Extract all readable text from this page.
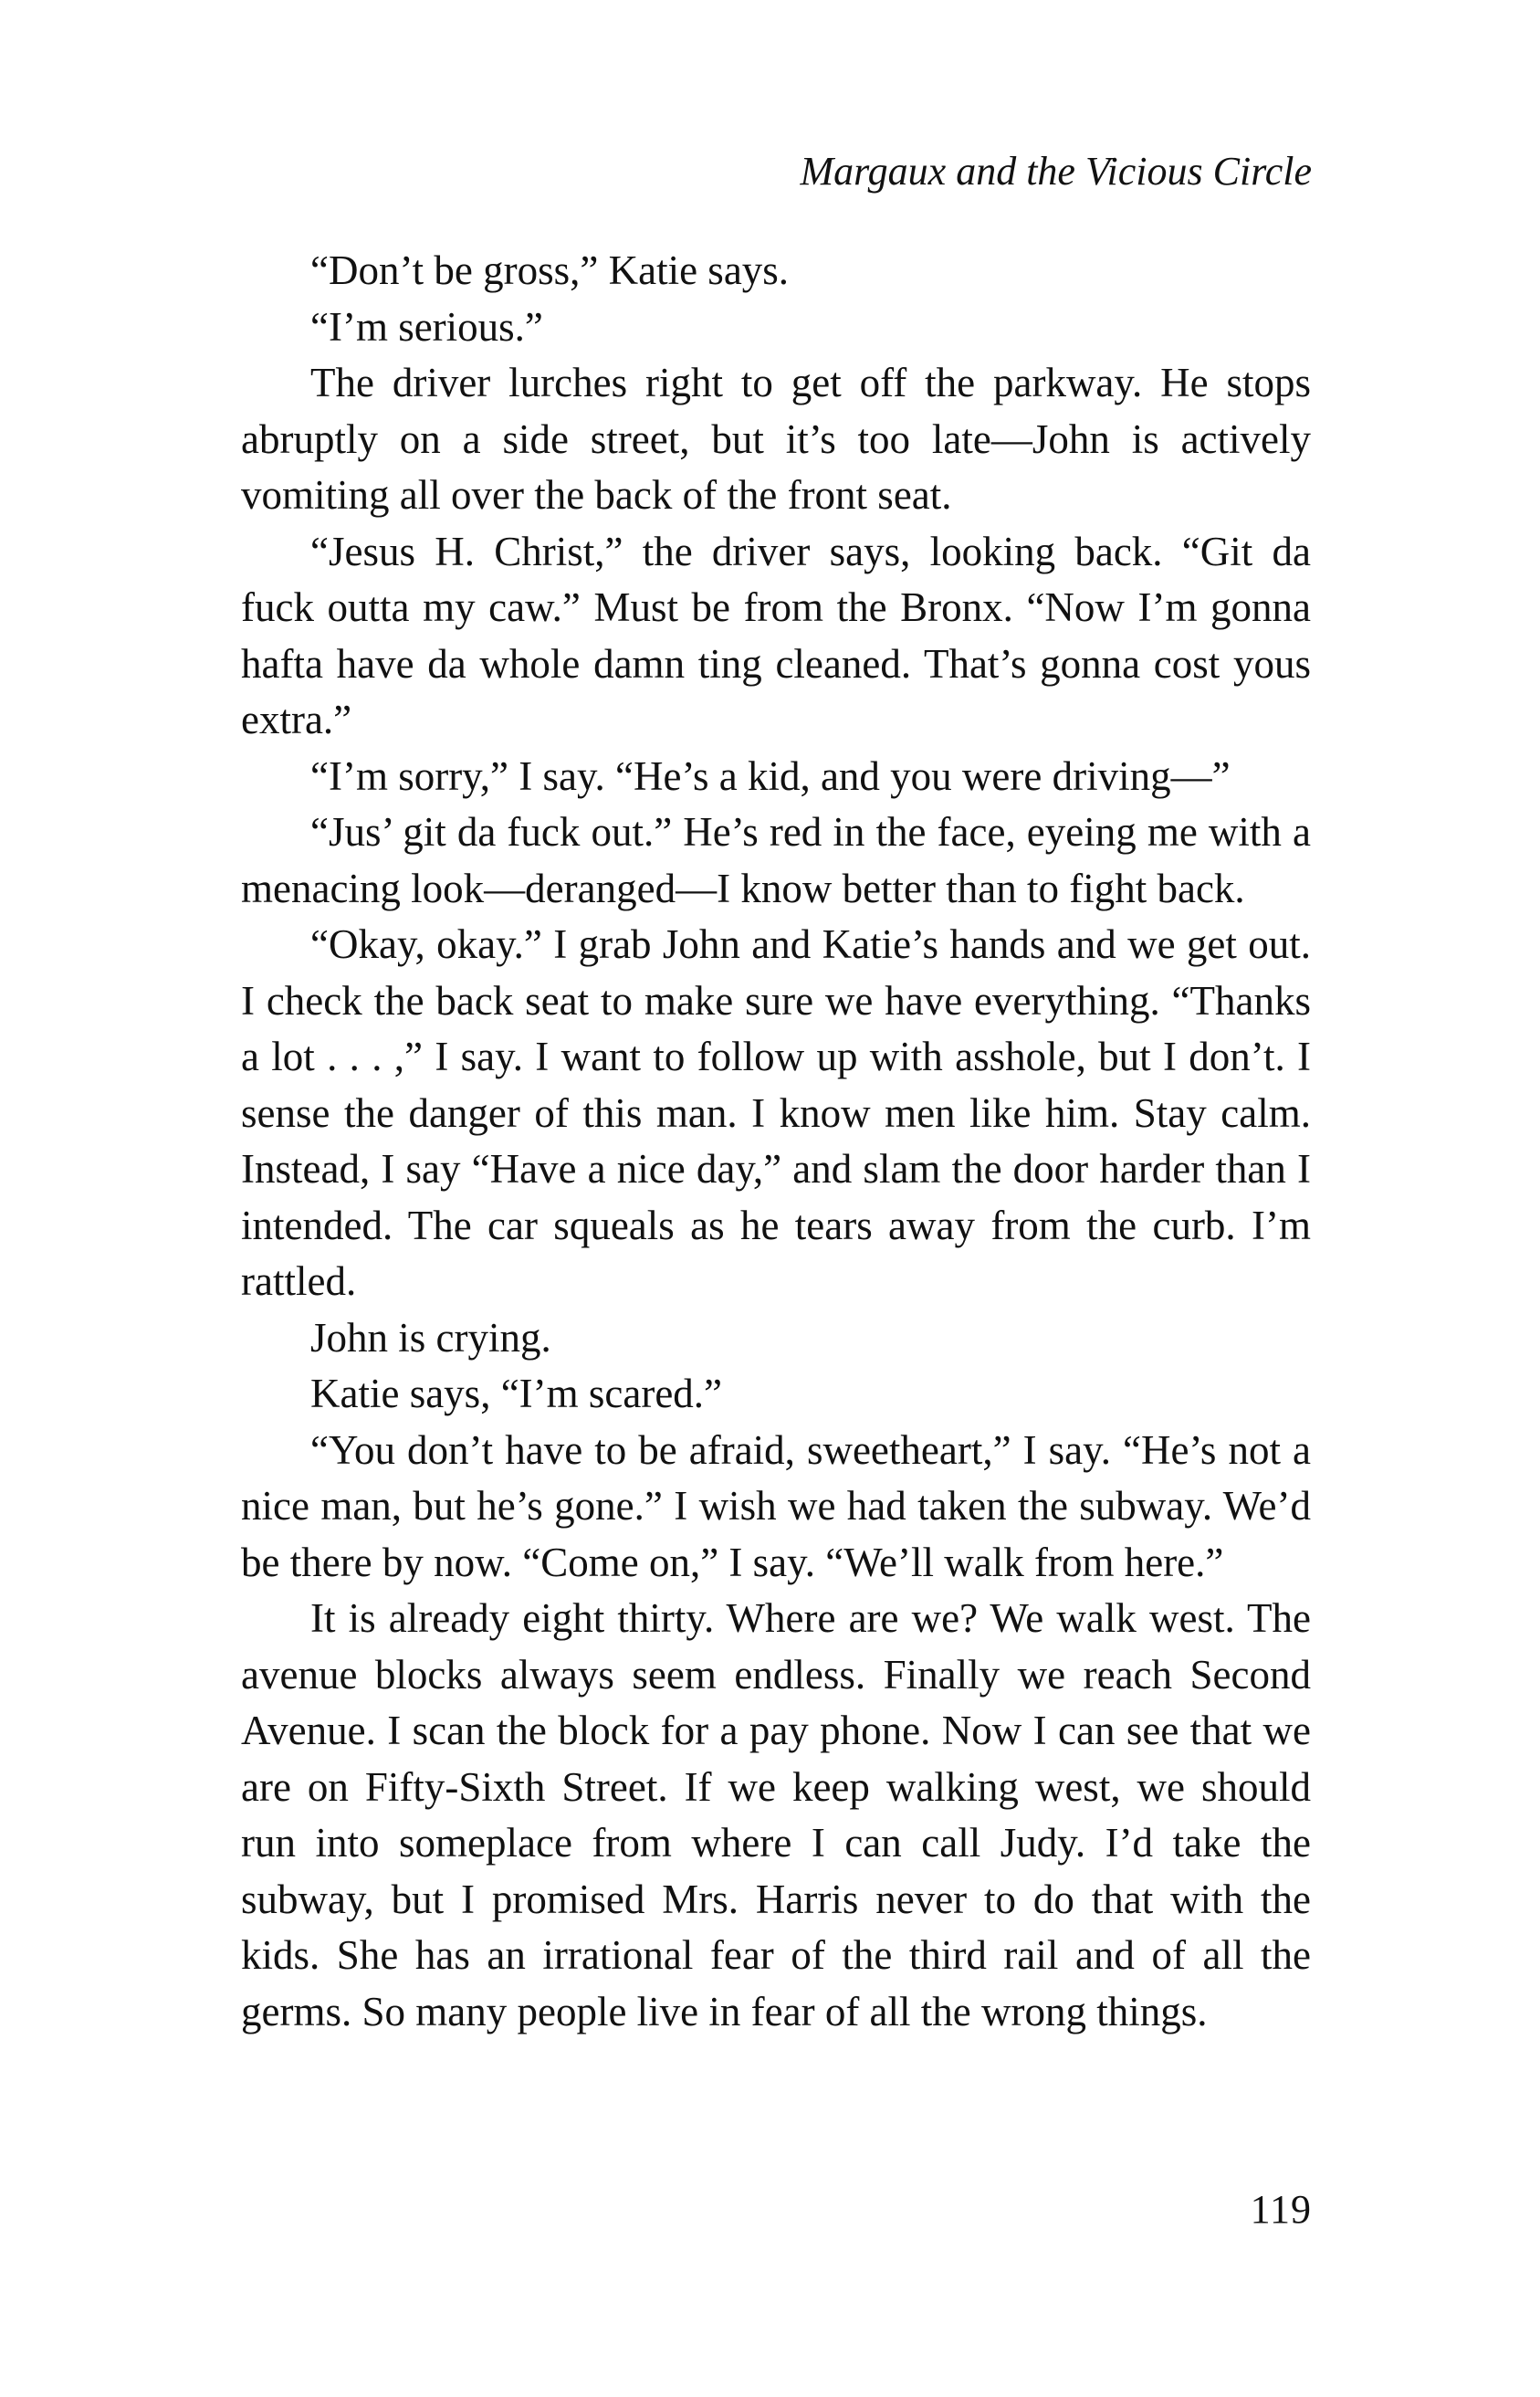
Margaux and the Vicious Circle

“Don’t be gross,” Katie says.

“I’m serious.”

The driver lurches right to get off the parkway. He stops abruptly on a side street, but it’s too late—John is actively vomiting all over the back of the front seat.

“Jesus H. Christ,” the driver says, looking back. “Git da fuck outta my caw.” Must be from the Bronx. “Now I’m gonna hafta have da whole damn ting cleaned. That’s gonna cost yous extra.”

“I’m sorry,” I say. “He’s a kid, and you were driving—”

“Jus’ git da fuck out.” He’s red in the face, eyeing me with a menacing look—deranged—I know better than to fight back.

“Okay, okay.” I grab John and Katie’s hands and we get out. I check the back seat to make sure we have everything. “Thanks a lot . . . ,” I say. I want to follow up with asshole, but I don’t. I sense the danger of this man. I know men like him. Stay calm. Instead, I say “Have a nice day,” and slam the door harder than I intended. The car squeals as he tears away from the curb. I’m rattled.

John is crying.

Katie says, “I’m scared.”

“You don’t have to be afraid, sweetheart,” I say. “He’s not a nice man, but he’s gone.” I wish we had taken the subway. We’d be there by now. “Come on,” I say. “We’ll walk from here.”

It is already eight thirty. Where are we? We walk west. The avenue blocks always seem endless. Finally we reach Second Avenue. I scan the block for a pay phone. Now I can see that we are on Fifty-Sixth Street. If we keep walking west, we should run into someplace from where I can call Judy. I’d take the subway, but I promised Mrs. Harris never to do that with the kids. She has an irrational fear of the third rail and of all the germs. So many people live in fear of all the wrong things.

119
